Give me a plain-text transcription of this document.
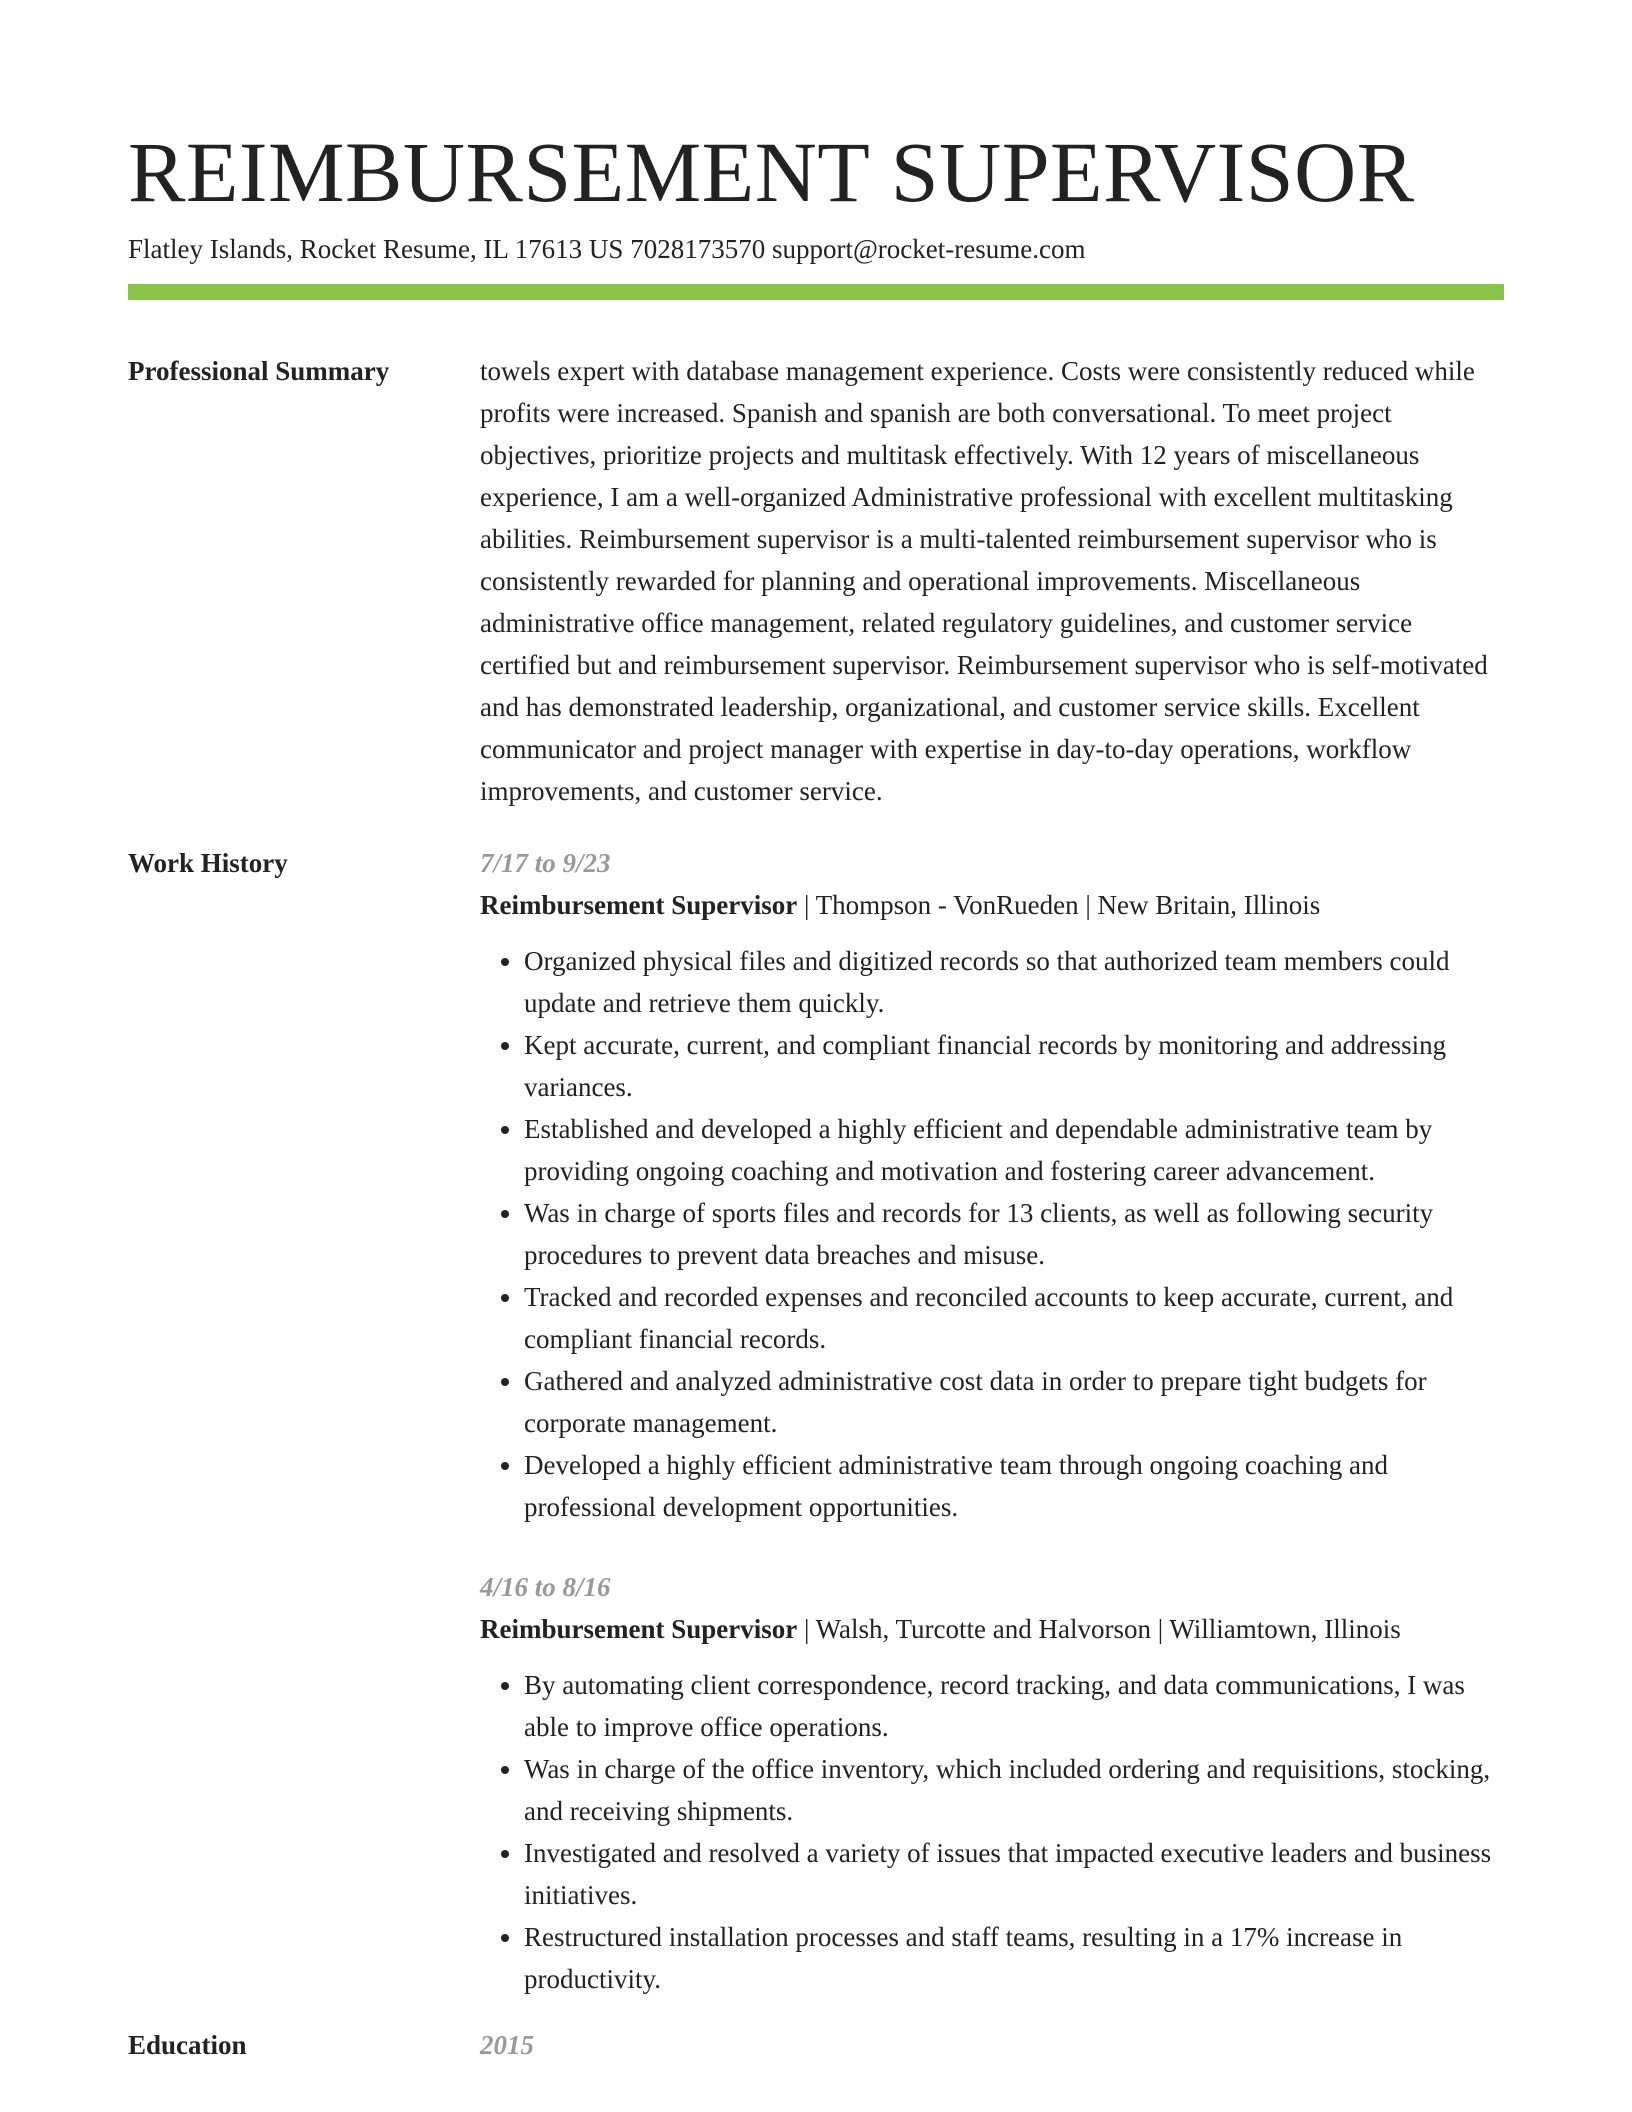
REIMBURSEMENT SUPERVISOR
Flatley Islands, Rocket Resume, IL 17613 US 7028173570 support@rocket-resume.com
Professional Summary	towels expert with database management experience. Costs were consistently reduced while profits were increased. Spanish and spanish are both conversational. To meet project objectives, prioritize projects and multitask effectively. With 12 years of miscellaneous experience, I am a well-organized Administrative professional with excellent multitasking abilities. Reimbursement supervisor is a multi-talented reimbursement supervisor who is consistently rewarded for planning and operational improvements. Miscellaneous administrative office management, related regulatory guidelines, and customer service certified but and reimbursement supervisor. Reimbursement supervisor who is self-motivated and has demonstrated leadership, organizational, and customer service skills. Excellent communicator and project manager with expertise in day-to-day operations, workflow improvements, and customer service.
Work History	7/17 to 9/23
Reimbursement Supervisor | Thompson - VonRueden | New Britain, Illinois
• Organized physical files and digitized records so that authorized team members could update and retrieve them quickly.
• Kept accurate, current, and compliant financial records by monitoring and addressing variances.
• Established and developed a highly efficient and dependable administrative team by providing ongoing coaching and motivation and fostering career advancement.
• Was in charge of sports files and records for 13 clients, as well as following security procedures to prevent data breaches and misuse.
• Tracked and recorded expenses and reconciled accounts to keep accurate, current, and compliant financial records.
• Gathered and analyzed administrative cost data in order to prepare tight budgets for corporate management.
• Developed a highly efficient administrative team through ongoing coaching and professional development opportunities.
4/16 to 8/16
Reimbursement Supervisor | Walsh, Turcotte and Halvorson | Williamtown, Illinois
• By automating client correspondence, record tracking, and data communications, I was able to improve office operations.
• Was in charge of the office inventory, which included ordering and requisitions, stocking, and receiving shipments.
• Investigated and resolved a variety of issues that impacted executive leaders and business initiatives.
• Restructured installation processes and staff teams, resulting in a 17% increase in productivity.
Education	2015
